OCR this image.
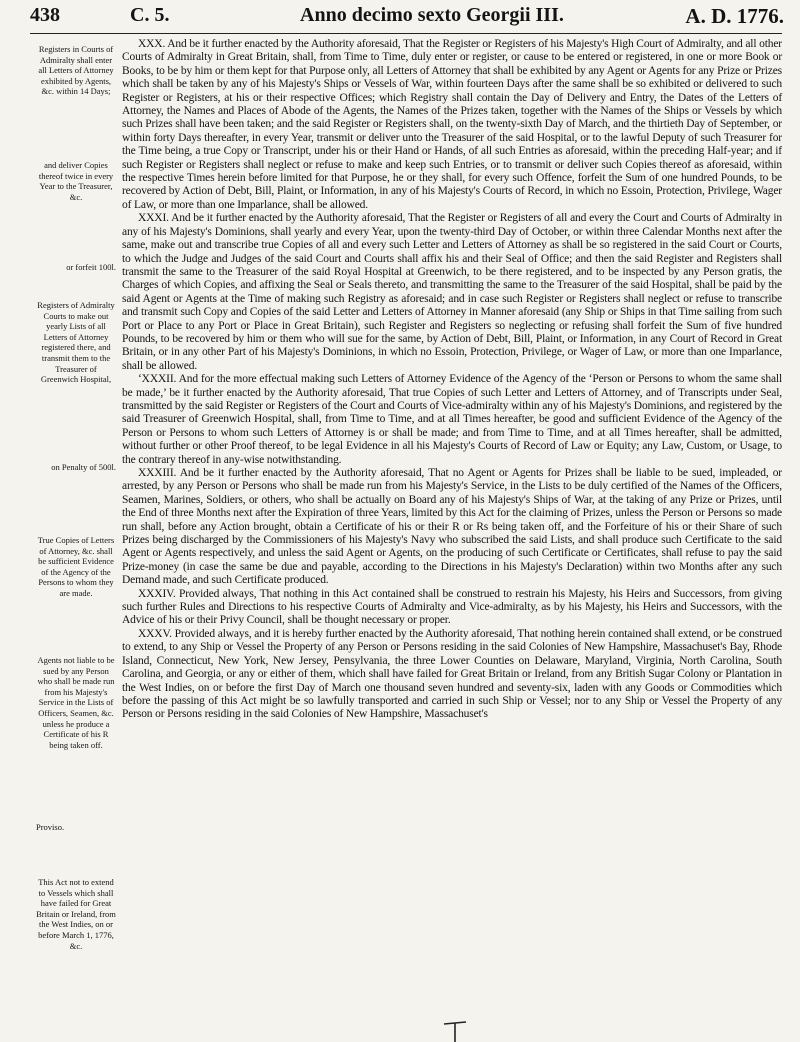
438	C. 5.	Anno decimo sexto Georgii III.	A. D. 1776.
Registers in Courts of Admiralty shall enter all Letters of Attorney exhibited by Agents, &c. within 14 Days;
and deliver Copies thereof twice in every Year to the Treasurer, &c.
or forfeit 100l.
Registers of Admiralty Courts to make out yearly Lists of all Letters of Attorney registered there, and transmit them to the Treasurer of Greenwich Hospital,
on Penalty of 500l.
True Copies of Letters of Attorney, &c. shall be sufficient Evidence of the Agency of the Persons to whom they are made.
Agents not liable to be sued by any Person who shall be made run from his Majesty's Service in the Lists of Officers, Seamen, &c. unless he produce a Certificate of his R being taken off.
Proviso.
This Act not to extend to Vessels which shall have failed for Great Britain or Ireland, from the West Indies, on or before March 1, 1776, &c.

XXX. And be it further enacted by the Authority aforesaid, That the Register or Registers of his Majesty's High Court of Admiralty, and all other Courts of Admiralty in Great Britain, shall, from Time to Time, duly enter or register, or cause to be entered or registered, in one or more Book or Books, to be by him or them kept for that Purpose only, all Letters of Attorney that shall be exhibited by any Agent or Agents for any Prize or Prizes which shall be taken by any of his Majesty's Ships or Vessels of War, within fourteen Days after the same shall be so exhibited or delivered to such Register or Registers, at his or their respective Offices; which Registry shall contain the Day of Delivery and Entry, the Dates of the Letters of Attorney, the Names and Places of Abode of the Agents, the Names of the Prizes taken, together with the Names of the Ships or Vessels by which such Prizes shall have been taken; and the said Register or Registers shall, on the twenty-sixth Day of March, and the thirtieth Day of September, or within forty Days thereafter, in every Year, transmit or deliver unto the Treasurer of the said Hospital, or to the lawful Deputy of such Treasurer for the Time being, a true Copy or Transcript, under his or their Hand or Hands, of all such Entries as aforesaid, within the preceding Half-year; and if such Register or Registers shall neglect or refuse to make and keep such Entries, or to transmit or deliver such Copies thereof as aforesaid, within the respective Times herein before limited for that Purpose, he or they shall, for every such Offence, forfeit the Sum of one hundred Pounds, to be recovered by Action of Debt, Bill, Plaint, or Information, in any of his Majesty's Courts of Record, in which no Essoin, Protection, Privilege, Wager of Law, or more than one Imparlance, shall be allowed.

XXXI. And be it further enacted by the Authority aforesaid, That the Register or Registers of all and every the Court and Courts of Admiralty in any of his Majesty's Dominions, shall yearly and every Year, upon the twenty-third Day of October, or within three Calendar Months next after the same, make out and transcribe true Copies of all and every such Letter and Letters of Attorney as shall be so registered in the said Court or Courts, to which the Judge and Judges of the said Court and Courts shall affix his and their Seal of Office; and then the said Register and Registers shall transmit the same to the Treasurer of the said Royal Hospital at Greenwich, to be there registered, and to be inspected by any Person gratis, the Charges of which Copies, and affixing the Seal or Seals thereto, and transmitting the same to the Treasurer of the said Hospital, shall be paid by the said Agent or Agents at the Time of making such Registry as aforesaid; and in case such Register or Registers shall neglect or refuse to transcribe and transmit such Copy and Copies of the said Letter and Letters of Attorney in Manner aforesaid (any Ship or Ships in that Time sailing from such Port or Place to any Port or Place in Great Britain), such Register and Registers so neglecting or refusing shall forfeit the Sum of five hundred Pounds, to be recovered by him or them who will sue for the same, by Action of Debt, Bill, Plaint, or Information, in any Court of Record in Great Britain, or in any other Part of his Majesty's Dominions, in which no Essoin, Protection, Privilege, or Wager of Law, or more than one Imparlance, shall be allowed.

‘XXXII. And for the more effectual making such Letters of Attorney Evidence of the Agency of the ‘Person or Persons to whom the same shall be made,’ be it further enacted by the Authority aforesaid, That true Copies of such Letter and Letters of Attorney, and of Transcripts under Seal, transmitted by the said Register or Registers of the Court and Courts of Vice-admiralty within any of his Majesty's Dominions, and registered by the said Treasurer of Greenwich Hospital, shall, from Time to Time, and at all Times hereafter, be good and sufficient Evidence of the Agency of the Person or Persons to whom such Letters of Attorney is or shall be made; and from Time to Time, and at all Times hereafter, shall be admitted, without further or other Proof thereof, to be legal Evidence in all his Majesty's Courts of Record of Law or Equity; any Law, Custom, or Usage, to the contrary thereof in any-wise notwithstanding.

XXXIII. And be it further enacted by the Authority aforesaid, That no Agent or Agents for Prizes shall be liable to be sued, impleaded, or arrested, by any Person or Persons who shall be made run from his Majesty's Service, in the Lists to be duly certified of the Names of the Officers, Seamen, Marines, Soldiers, or others, who shall be actually on Board any of his Majesty's Ships of War, at the taking of any Prize or Prizes, until the End of three Months next after the Expiration of three Years, limited by this Act for the claiming of Prizes, unless the Person or Persons so made run shall, before any Action brought, obtain a Certificate of his or their R or Rs being taken off, and the Forfeiture of his or their Share of such Prizes being discharged by the Commissioners of his Majesty's Navy who subscribed the said Lists, and shall produce such Certificate to the said Agent or Agents respectively, and unless the said Agent or Agents, on the producing of such Certificate or Certificates, shall refuse to pay the said Prize-money (in case the same be due and payable, according to the Directions in his Majesty's Declaration) within two Months after any such Demand made, and such Certificate produced.

XXXIV. Provided always, That nothing in this Act contained shall be construed to restrain his Majesty, his Heirs and Successors, from giving such further Rules and Directions to his respective Courts of Admiralty and Vice-admiralty, as by his Majesty, his Heirs and Successors, with the Advice of his or their Privy Council, shall be thought necessary or proper.

XXXV. Provided always, and it is hereby further enacted by the Authority aforesaid, That nothing herein contained shall extend, or be construed to extend, to any Ship or Vessel the Property of any Person or Persons residing in the said Colonies of New Hampshire, Massachuset's Bay, Rhode Island, Connecticut, New York, New Jersey, Pensylvania, the three Lower Counties on Delaware, Maryland, Virginia, North Carolina, South Carolina, and Georgia, or any or either of them, which shall have failed for Great Britain or Ireland, from any British Sugar Colony or Plantation in the West Indies, on or before the first Day of March one thousand seven hundred and seventy-six, laden with any Goods or Commodities which before the passing of this Act might be so lawfully transported and carried in such Ship or Vessel; nor to any Ship or Vessel the Property of any Person or Persons residing in the said Colonies of New Hampshire, Massachuset's
